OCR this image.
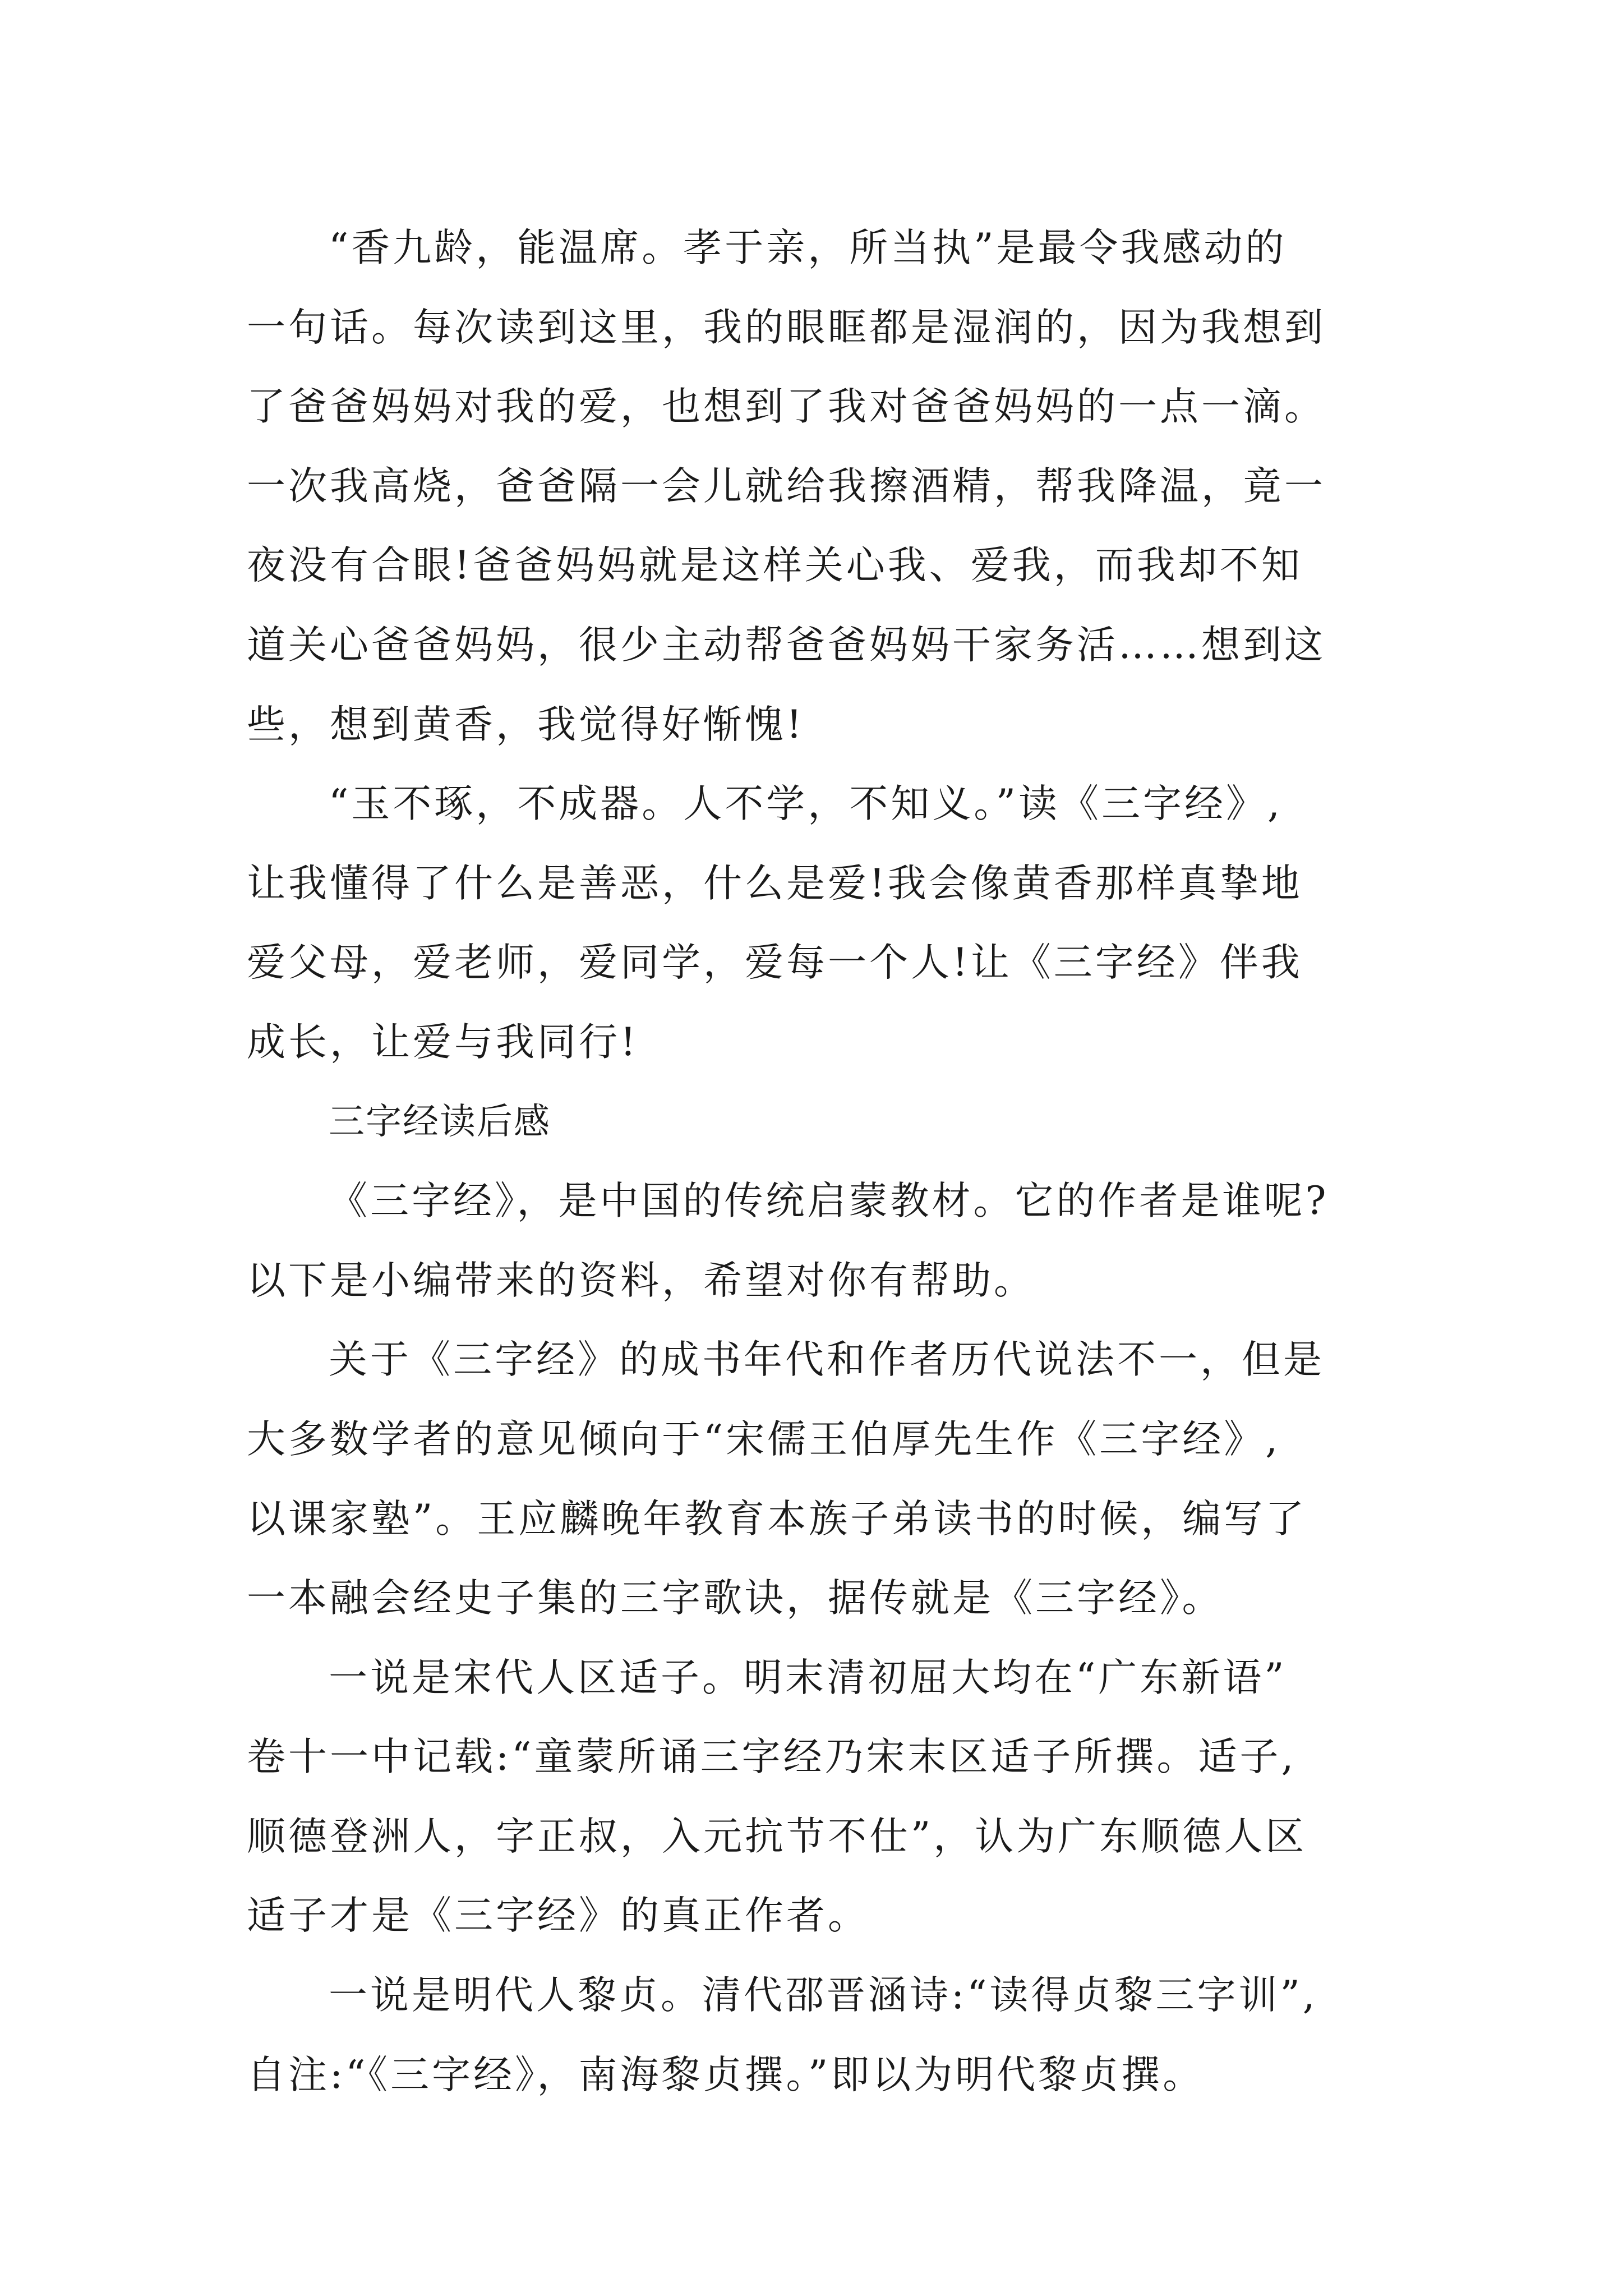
“香九龄，能温席。孝于亲，所当执”是最令我感动的
一句话。每次读到这里，我的眼眶都是湿润的，因为我想到
了爸爸妈妈对我的爱，也想到了我对爸爸妈妈的一点一滴。
一次我高烧，爸爸隔一会儿就给我擦酒精，帮我降温，竟一
夜没有合眼!爸爸妈妈就是这样关心我、爱我，而我却不知
道关心爸爸妈妈，很少主动帮爸爸妈妈干家务活……想到这
些，想到黄香，我觉得好惭愧!
“玉不琢，不成器。人不学，不知义。”读《三字经》,
让我懂得了什么是善恶，什么是爱!我会像黄香那样真挚地
爱父母，爱老师，爱同学，爱每一个人!让《三字经》伴我
成长，让爱与我同行!
三字经读后感
《三字经》，是中国的传统启蒙教材。它的作者是谁呢?
以下是小编带来的资料，希望对你有帮助。
关于《三字经》的成书年代和作者历代说法不一，但是
大多数学者的意见倾向于“宋儒王伯厚先生作《三字经》,
以课家塾”。王应麟晚年教育本族子弟读书的时候，编写了
一本融会经史子集的三字歌诀，据传就是《三字经》。
一说是宋代人区适子。明末清初屈大均在“广东新语”
卷十一中记载:“童蒙所诵三字经乃宋末区适子所撰。适子,
顺德登洲人，字正叔，入元抗节不仕”，认为广东顺德人区
适子才是《三字经》的真正作者。
一说是明代人黎贞。清代邵晋涵诗:“读得贞黎三字训”,
自注:“《三字经》，南海黎贞撰。”即以为明代黎贞撰。
